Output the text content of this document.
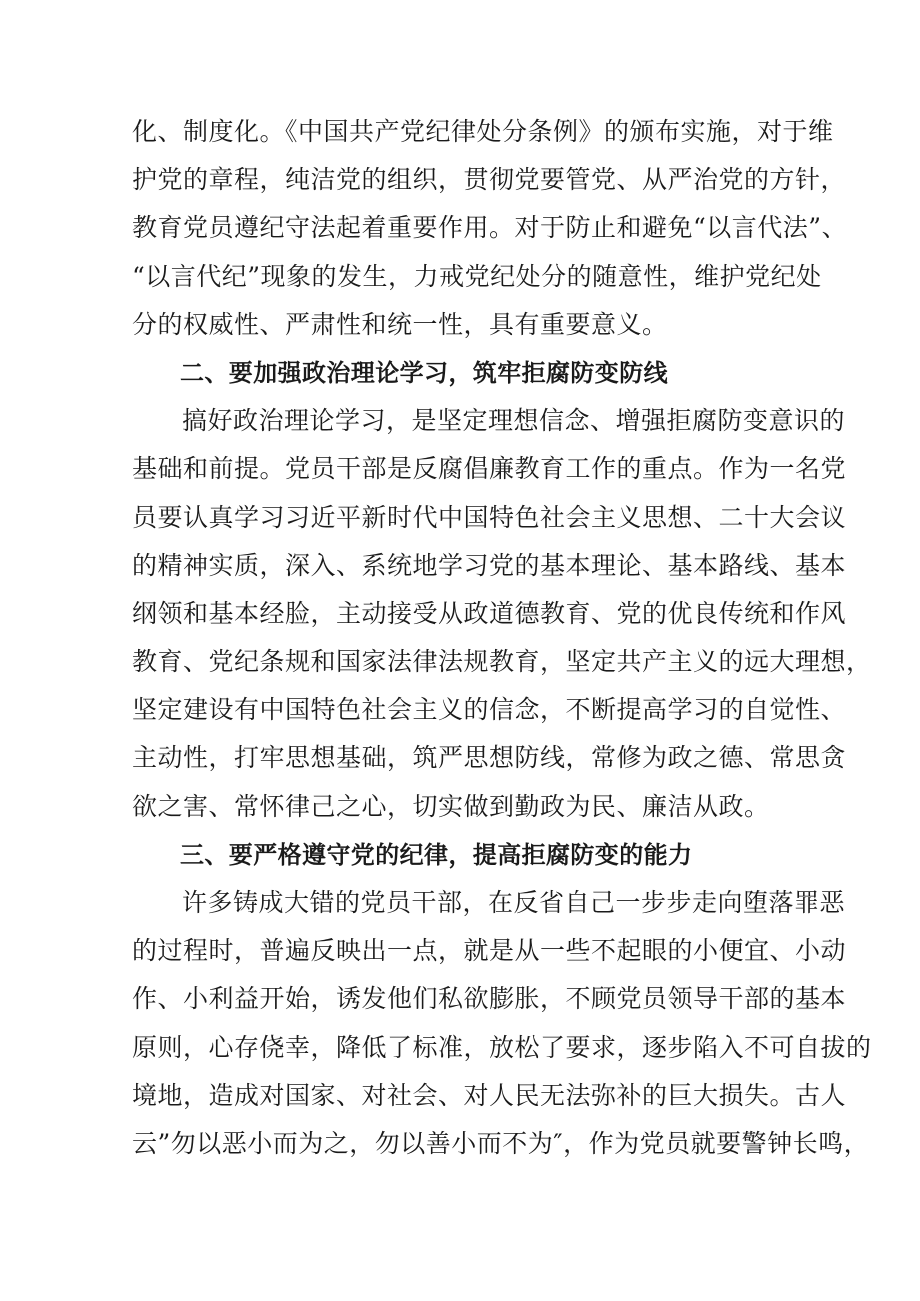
化、制度化。《中国共产党纪律处分条例》的颁布实施，对于维
护党的章程，纯洁党的组织，贯彻党要管党、从严治党的方针，
教育党员遵纪守法起着重要作用。对于防止和避免“以言代法”、
“以言代纪”现象的发生，力戒党纪处分的随意性，维护党纪处
分的权威性、严肃性和统一性，具有重要意义。
二、要加强政治理论学习，筑牢拒腐防变防线
搞好政治理论学习，是坚定理想信念、增强拒腐防变意识的
基础和前提。党员干部是反腐倡廉教育工作的重点。作为一名党
员要认真学习习近平新时代中国特色社会主义思想、二十大会议
的精神实质，深入、系统地学习党的基本理论、基本路线、基本
纲领和基本经脸，主动接受从政道德教育、党的优良传统和作风
教育、党纪条规和国家法律法规教育，坚定共产主义的远大理想，
坚定建设有中国特色社会主义的信念，不断提高学习的自觉性、
主动性，打牢思想基础，筑严思想防线，常修为政之德、常思贪
欲之害、常怀律己之心，切实做到勤政为民、廉洁从政。
三、要严格遵守党的纪律，提高拒腐防变的能力
许多铸成大错的党员干部，在反省自己一步步走向堕落罪恶
的过程时，普遍反映出一点，就是从一些不起眼的小便宜、小动
作、小利益开始，诱发他们私欲膨胀，不顾党员领导干部的基本
原则，心存侥幸，降低了标准，放松了要求，逐步陷入不可自拔的
境地，造成对国家、对社会、对人民无法弥补的巨大损失。古人
云”勿以恶小而为之，勿以善小而不为″，作为党员就要警钟长鸣，
